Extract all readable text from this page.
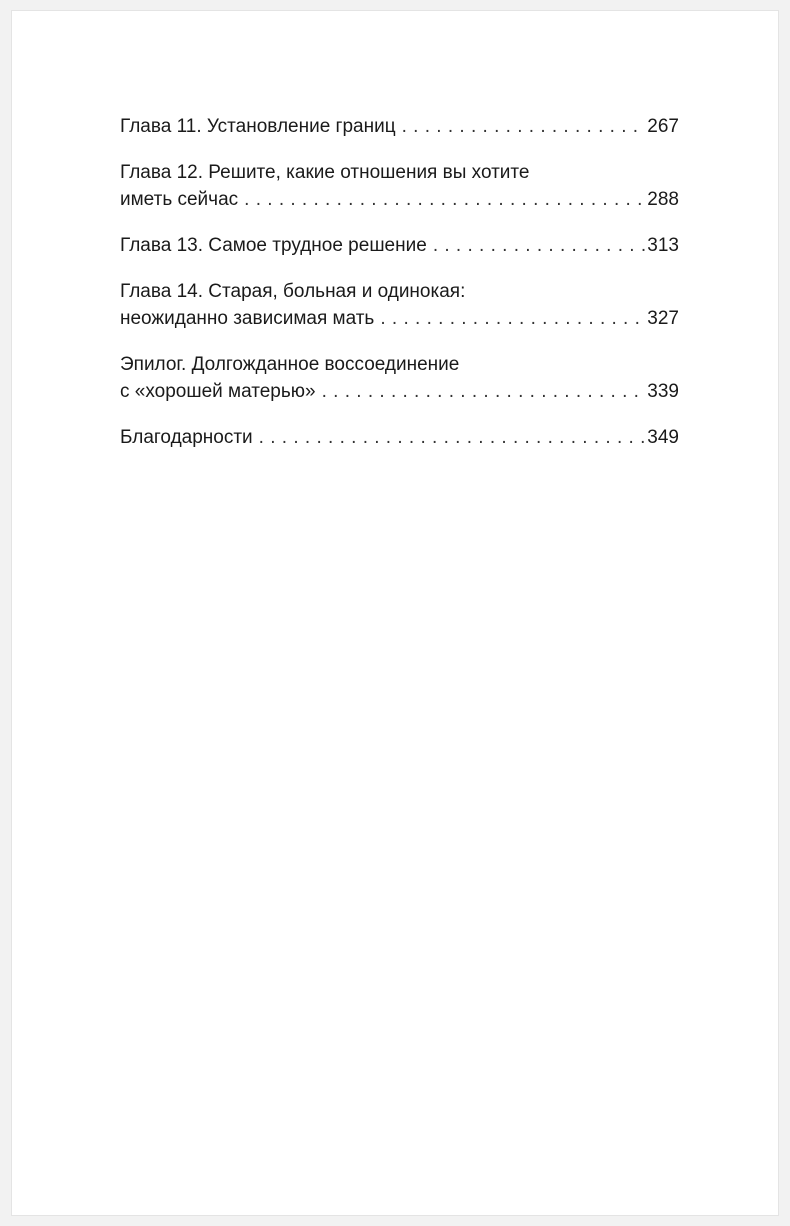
Глава 11. Установление границ . . .	267
Глава 12. Решите, какие отношения вы хотите
иметь сейчас . . .	288
Глава 13. Самое трудное решение . . .	313
Глава 14. Старая, больная и одинокая:
неожиданно зависимая мать . . .	327
Эпилог. Долгожданное воссоединение
с «хорошей матерью» . . .	339
Благодарности . . .	349
